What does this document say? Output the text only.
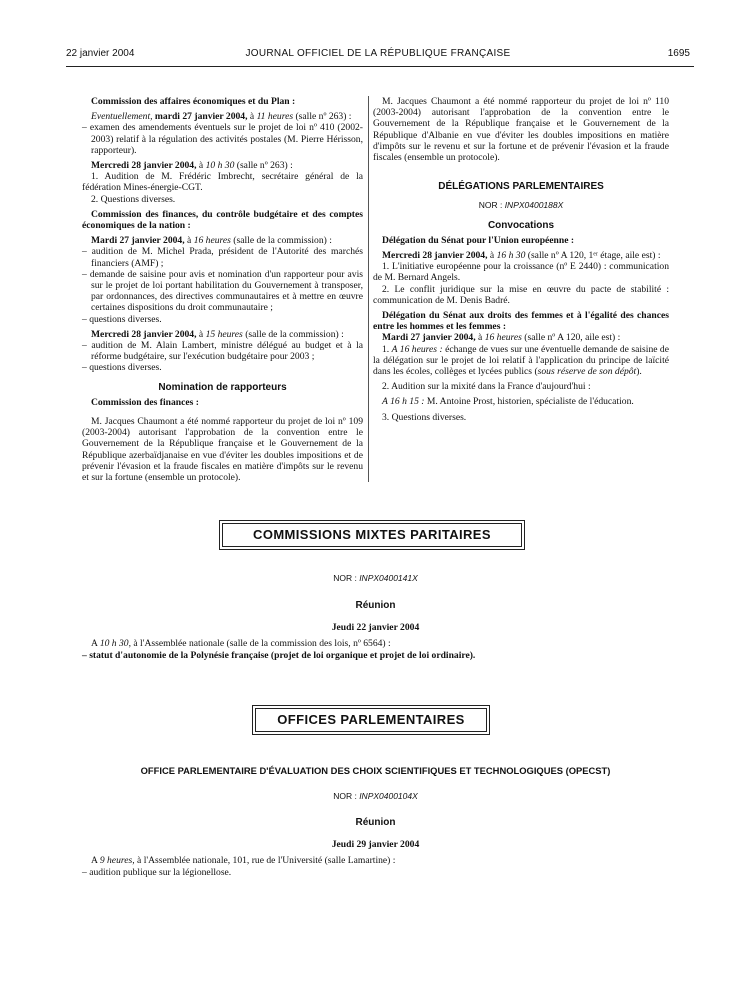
22 janvier 2004	JOURNAL OFFICIEL DE LA RÉPUBLIQUE FRANÇAISE	1695

Commission des affaires économiques et du Plan :

Eventuellement, mardi 27 janvier 2004, à 11 heures (salle nº 263) :

– examen des amendements éventuels sur le projet de loi nº 410 (2002-2003) relatif à la régulation des activités postales (M. Pierre Hérisson, rapporteur).

Mercredi 28 janvier 2004, à 10 h 30 (salle nº 263) :

1. Audition de M. Frédéric Imbrecht, secrétaire général de la fédération Mines-énergie-CGT.

2. Questions diverses.

Commission des finances, du contrôle budgétaire et des comptes économiques de la nation :

Mardi 27 janvier 2004, à 16 heures (salle de la commission) :

– audition de M. Michel Prada, président de l'Autorité des marchés financiers (AMF) ;

– demande de saisine pour avis et nomination d'un rapporteur pour avis sur le projet de loi portant habilitation du Gouvernement à transposer, par ordonnances, des directives communautaires et à mettre en œuvre certaines dispositions du droit communautaire ;

– questions diverses.

Mercredi 28 janvier 2004, à 15 heures (salle de la commission) :

– audition de M. Alain Lambert, ministre délégué au budget et à la réforme budgétaire, sur l'exécution budgétaire pour 2003 ;

– questions diverses.

Nomination de rapporteurs

Commission des finances :

M. Jacques Chaumont a été nommé rapporteur du projet de loi nº 109 (2003-2004) autorisant l'approbation de la convention entre le Gouvernement de la République française et le Gouvernement de la République azerbaïdjanaise en vue d'éviter les doubles impositions et de prévenir l'évasion et la fraude fiscales en matière d'impôts sur le revenu et sur la fortune (ensemble un protocole).

M. Jacques Chaumont a été nommé rapporteur du projet de loi nº 110 (2003-2004) autorisant l'approbation de la convention entre le Gouvernement de la République française et le Gouvernement de la République d'Albanie en vue d'éviter les doubles impositions en matière d'impôts sur le revenu et sur la fortune et de prévenir l'évasion et la fraude fiscales (ensemble un protocole).

DÉLÉGATIONS PARLEMENTAIRES

NOR : INPX0400188X

Convocations

Délégation du Sénat pour l'Union européenne :

Mercredi 28 janvier 2004, à 16 h 30 (salle nº A 120, 1ᵉʳ étage, aile est) :

1. L'initiative européenne pour la croissance (nº E 2440) : communication de M. Bernard Angels.

2. Le conflit juridique sur la mise en œuvre du pacte de stabilité : communication de M. Denis Badré.

Délégation du Sénat aux droits des femmes et à l'égalité des chances entre les hommes et les femmes :

Mardi 27 janvier 2004, à 16 heures (salle nº A 120, aile est) :

1. A 16 heures : échange de vues sur une éventuelle demande de saisine de la délégation sur le projet de loi relatif à l'application du principe de laïcité dans les écoles, collèges et lycées publics (sous réserve de son dépôt).

2. Audition sur la mixité dans la France d'aujourd'hui :

A 16 h 15 : M. Antoine Prost, historien, spécialiste de l'éducation.

3. Questions diverses.

COMMISSIONS MIXTES PARITAIRES

NOR : INPX0400141X

Réunion

Jeudi 22 janvier 2004

A 10 h 30, à l'Assemblée nationale (salle de la commission des lois, nº 6564) :

– statut d'autonomie de la Polynésie française (projet de loi organique et projet de loi ordinaire).

OFFICES PARLEMENTAIRES

OFFICE PARLEMENTAIRE D'ÉVALUATION DES CHOIX SCIENTIFIQUES ET TECHNOLOGIQUES (OPECST)

NOR : INPX0400104X

Réunion

Jeudi 29 janvier 2004

A 9 heures, à l'Assemblée nationale, 101, rue de l'Université (salle Lamartine) :

– audition publique sur la légionellose.
